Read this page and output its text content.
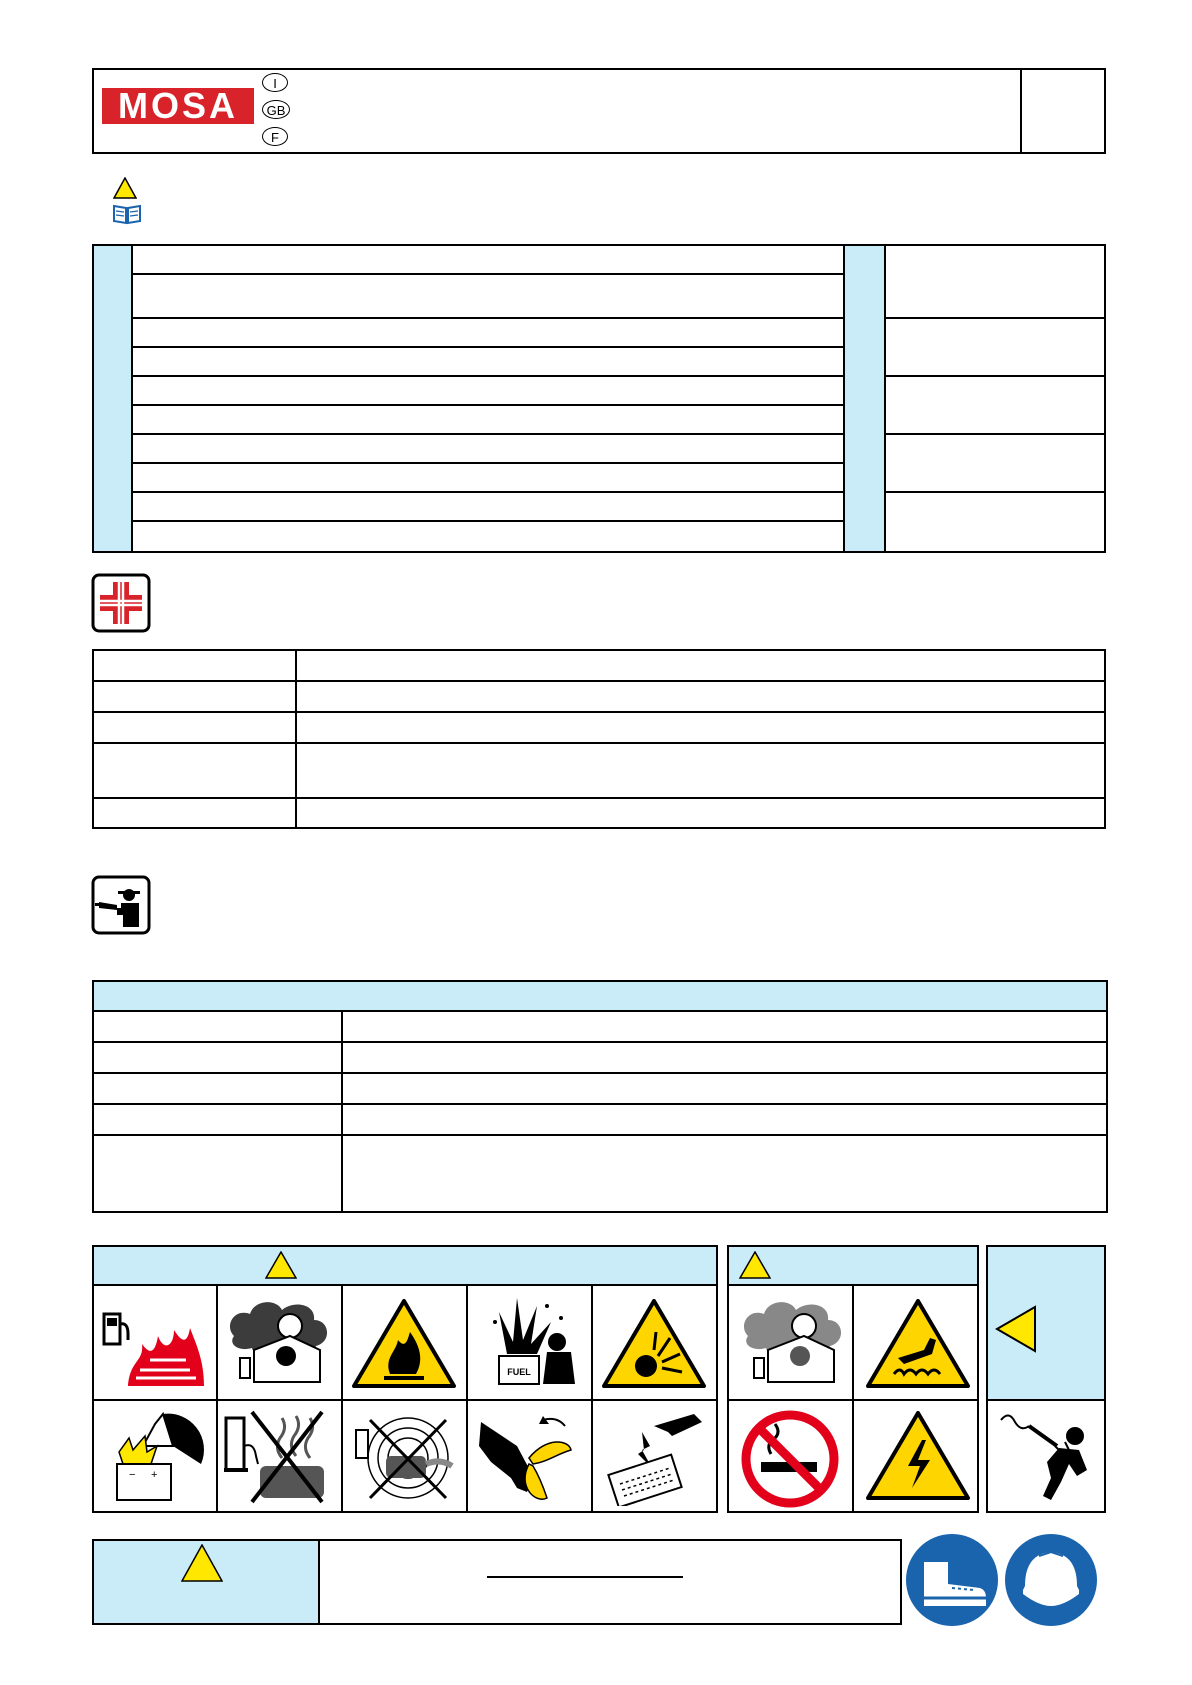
MOSA
I
GB
F
FUEL
− +
